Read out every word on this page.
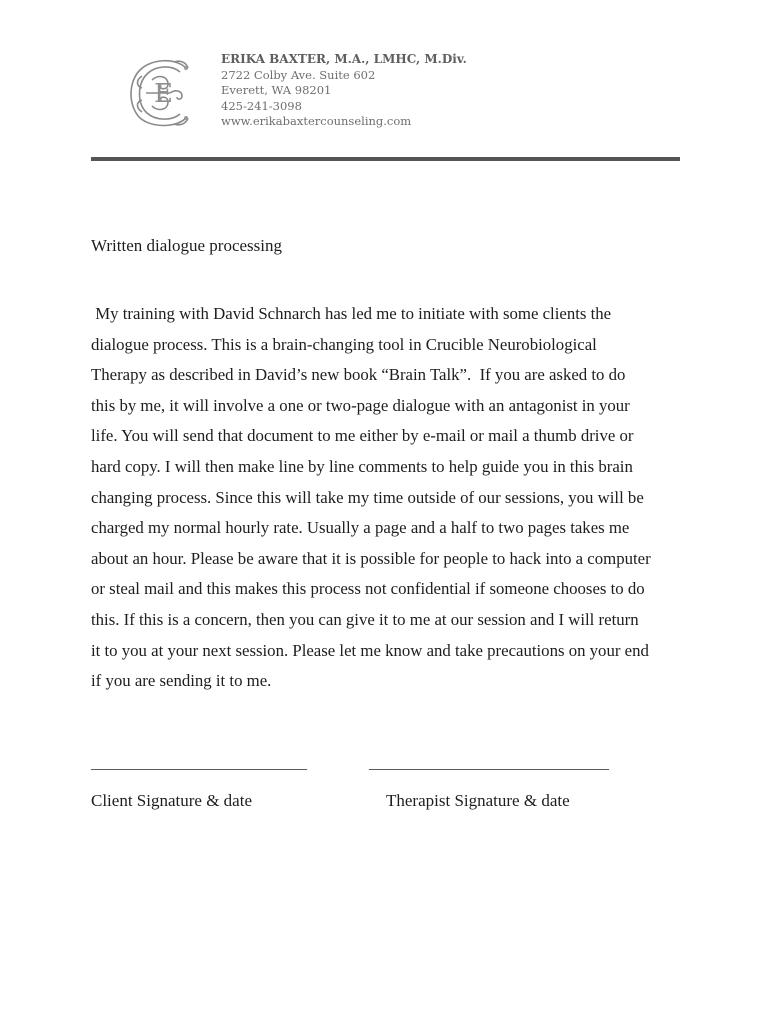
E
ERIKA BAXTER, M.A., LMHC, M.Div.
2722 Colby Ave. Suite 602
Everett, WA 98201
425-241-3098
www.erikabaxtercounseling.com
Written dialogue processing
My training with David Schnarch has led me to initiate with some clients the
dialogue process. This is a brain-changing tool in Crucible Neurobiological
Therapy as described in David’s new book “Brain Talk”.  If you are asked to do
this by me, it will involve a one or two-page dialogue with an antagonist in your
life. You will send that document to me either by e-mail or mail a thumb drive or
hard copy. I will then make line by line comments to help guide you in this brain
changing process. Since this will take my time outside of our sessions, you will be
charged my normal hourly rate. Usually a page and a half to two pages takes me
about an hour. Please be aware that it is possible for people to hack into a computer
or steal mail and this makes this process not confidential if someone chooses to do
this. If this is a concern, then you can give it to me at our session and I will return
it to you at your next session. Please let me know and take precautions on your end
if you are sending it to me.
___________________________	______________________________
Client Signature & date	Therapist Signature & date
